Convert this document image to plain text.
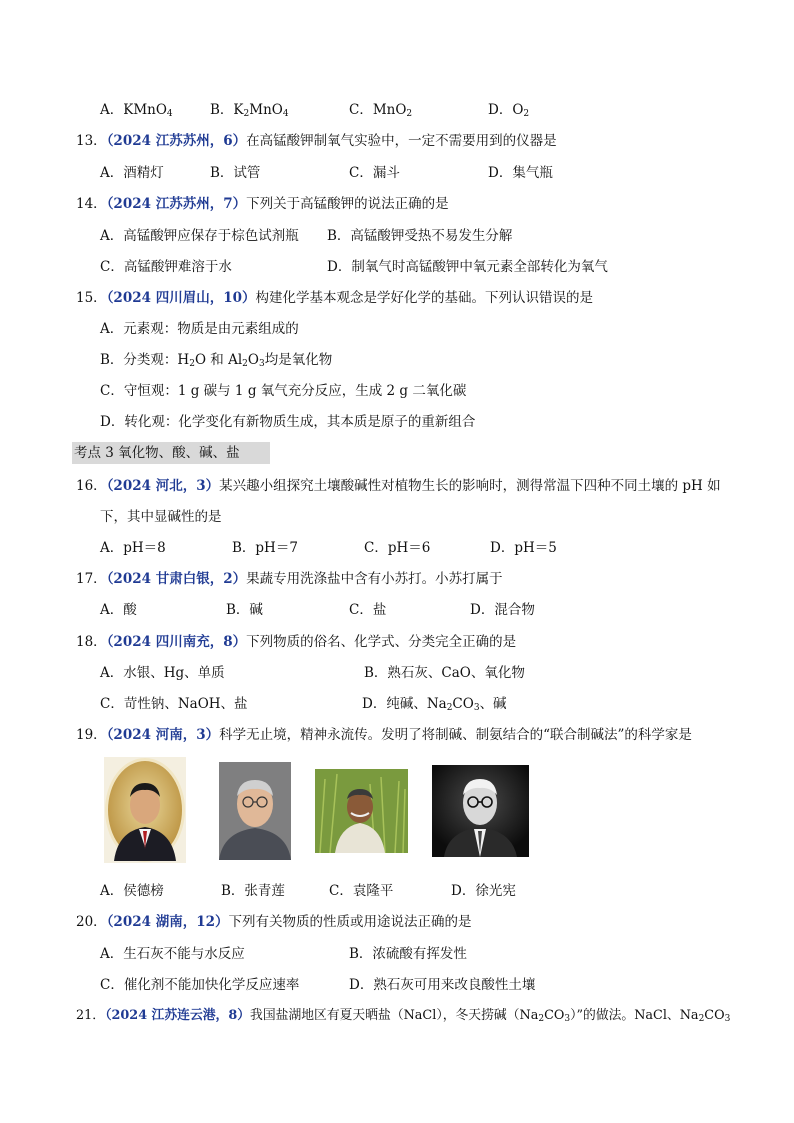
A．KMnO$_4$	B．$K_2MnO_4$	C．MnO$_2$	D．$O_2$
13．（2024 江苏苏州，6）在高锰酸钾制氧气实验中，一定不需要用到的仪器是
A．酒精灯	B．试管	C．漏斗	D．集气瓶
14．（2024 江苏苏州，7）下列关于高锰酸钾的说法正确的是
A．高锰酸钾应保存于棕色试剂瓶 B．高锰酸钾受热不易发生分解
C．高锰酸钾难溶于水	D．制氧气时高锰酸钾中氧元素全部转化为氧气
15．（2024 四川眉山，10）构建化学基本观念是学好化学的基础。下列认识错误的是
A．元素观：物质是由元素组成的
B．分类观：$H_2O$ 和 $Al_2O_3$均是氧化物
C．守恒观：1 g 碳与 1 g 氧气充分反应，生成 2 g 二氧化碳
D．转化观：化学变化有新物质生成，其本质是原子的重新组合
考点 3 氧化物、酸、碱、盐
16．（2024 河北，3）某兴趣小组探究土壤酸碱性对植物生长的影响时，测得常温下四种不同土壤的 pH 如
下，其中显碱性的是
A．pH＝8	B．pH＝7	C．pH＝6	D．pH＝5
17．（2024 甘肃白银，2）果蔬专用洗涤盐中含有小苏打。小苏打属于
A．酸	B．碱	C．盐	D．混合物
18．（2024 四川南充，8）下列物质的俗名、化学式、分类完全正确的是
A．水银、Hg、单质	B．熟石灰、CaO、氧化物
C．苛性钠、NaOH、盐	D．纯碱、$Na_2CO_3$、碱
19．（2024 河南，3）科学无止境，精神永流传。发明了将制碱、制氨结合的“联合制碱法”的科学家是
A．侯德榜	B．张青莲	C．袁隆平	D．徐光宪
20．（2024 湖南，12）下列有关物质的性质或用途说法正确的是
A．生石灰不能与水反应	B．浓硫酸有挥发性
C．催化剂不能加快化学反应速率	D．熟石灰可用来改良酸性土壤
21．（2024 江苏连云港，8）我国盐湖地区有夏天晒盐（NaCl），冬天捞碱$(Na_2CO_3)$”的做法。NaCl、$Na_2CO_3$
